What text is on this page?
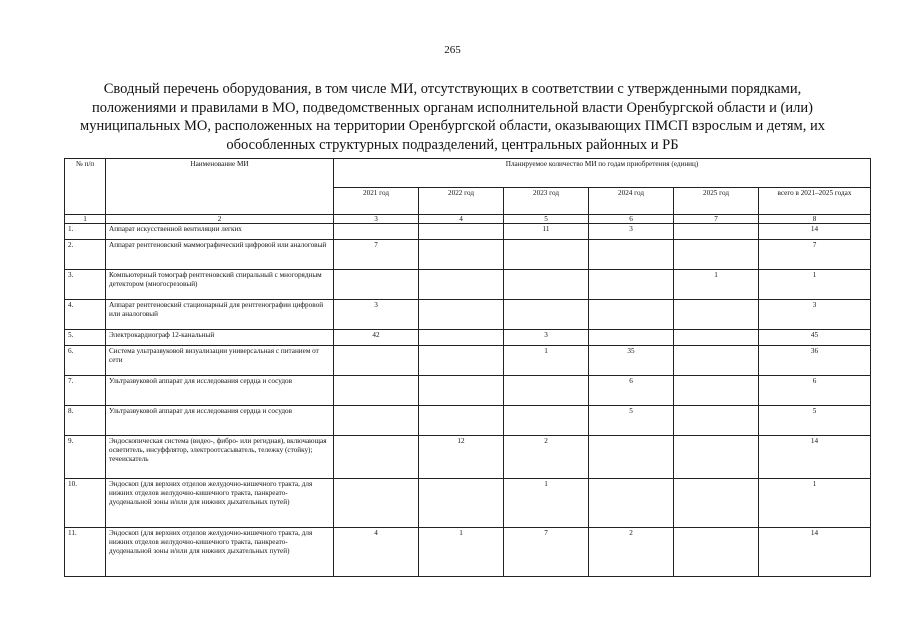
265
Сводный перечень оборудования, в том числе МИ, отсутствующих в соответствии с утвержденными порядками, положениями и правилами в МО, подведомственных органам исполнительной власти Оренбургской области и (или) муниципальных МО, расположенных на территории Оренбургской области, оказывающих ПМСП взрослым и детям, их обособленных структурных подразделений, центральных районных и РБ
№ п/п	Наименование МИ	Планируемое количество МИ по годам приобретения (единиц)					
		2021 год	2022 год	2023 год	2024 год	2025 год	всего в 2021–2025 годах
1	2	3	4	5	6	7	8
1.	Аппарат искусственной вентиляции легких			11	3		14
2.	Аппарат рентгеновский маммографический цифровой или аналоговый	7					7
3.	Компьютерный томограф рентгеновский спиральный с многорядным детектором (многосрезовый)					1	1
4.	Аппарат рентгеновский стационарный для рентгенографии цифровой или аналоговый	3					3
5.	Электрокардиограф 12-канальный	42		3			45
6.	Система ультразвуковой визуализации универсальная с питанием от сети			1	35		36
7.	Ультразвуковой аппарат для исследования сердца и сосудов				6		6
8.	Ультразвуковой аппарат для исследования сердца и сосудов				5		5
9.	Эндоскопическая система (видео-, фибро- или регидная), включающая осветитель, инсуффлятор, электроотсасыватель, тележку (стойку); течеискатель		12	2			14
10.	Эндоскоп (для верхних отделов желудочно-кишечного тракта, для нижних отделов желудочно-кишечного тракта, панкреато-дуоденальной зоны и/или для нижних дыхательных путей)			1			1
11.	Эндоскоп (для верхних отделов желудочно-кишечного тракта, для нижних отделов желудочно-кишечного тракта, панкреато-дуоденальной зоны и/или для нижних дыхательных путей)	4	1	7	2		14
